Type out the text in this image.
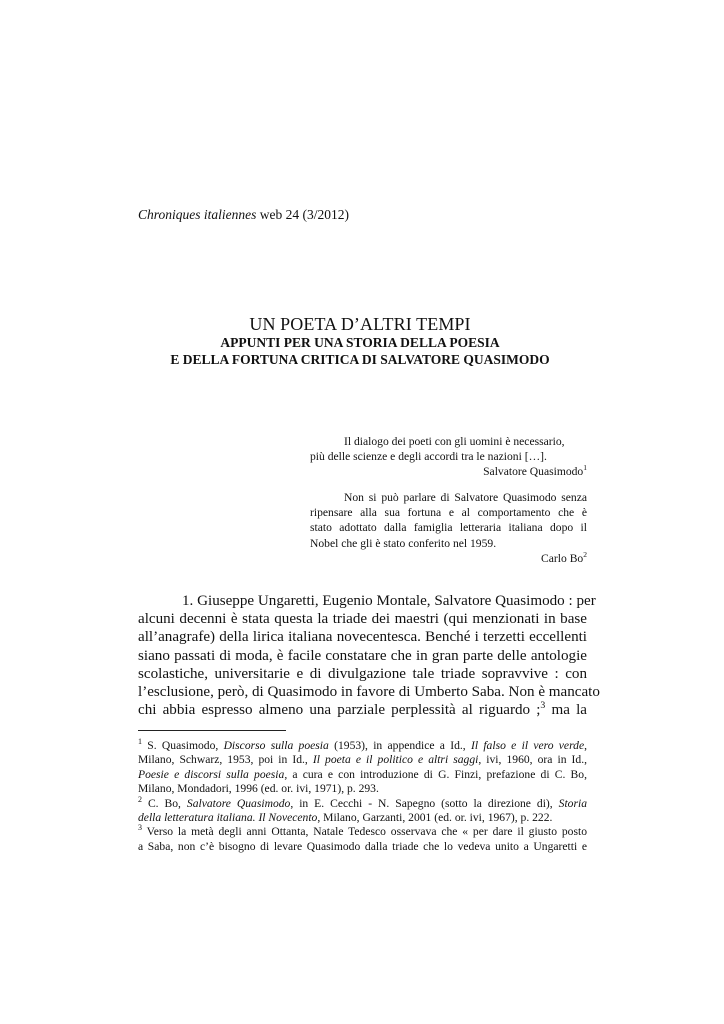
Chroniques italiennes web 24 (3/2012)
UN POETA D’ALTRI TEMPI
APPUNTI PER UNA STORIA DELLA POESIA
E DELLA FORTUNA CRITICA DI SALVATORE QUASIMODO
Il dialogo dei poeti con gli uomini è necessario,
più delle scienze e degli accordi tra le nazioni […].
Salvatore Quasimodo$^1$
Non si può parlare di Salvatore Quasimodo senza
ripensare alla sua fortuna e al comportamento che è
stato adottato dalla famiglia letteraria italiana dopo il
Nobel che gli è stato conferito nel 1959.
Carlo Bo$^2$
1. Giuseppe Ungaretti, Eugenio Montale, Salvatore Quasimodo : per
alcuni decenni è stata questa la triade dei maestri (qui menzionati in base
all’anagrafe) della lirica italiana novecentesca. Benché i terzetti eccellenti
siano passati di moda, è facile constatare che in gran parte delle antologie
scolastiche, universitarie e di divulgazione tale triade sopravvive : con
l’esclusione, però, di Quasimodo in favore di Umberto Saba. Non è mancato
chi abbia espresso almeno una parziale perplessità al riguardo ;$^3$ ma la
$^1$ S. Quasimodo, Discorso sulla poesia (1953), in appendice a Id., Il falso e il vero verde,
Milano, Schwarz, 1953, poi in Id., Il poeta e il politico e altri saggi, ivi, 1960, ora in Id.,
Poesie e discorsi sulla poesia, a cura e con introduzione di G. Finzi, prefazione di C. Bo,
Milano, Mondadori, 1996 (ed. or. ivi, 1971), p. 293.
$^2$ C. Bo, Salvatore Quasimodo, in E. Cecchi - N. Sapegno (sotto la direzione di), Storia
della letteratura italiana. Il Novecento, Milano, Garzanti, 2001 (ed. or. ivi, 1967), p. 222.
$^3$ Verso la metà degli anni Ottanta, Natale Tedesco osservava che « per dare il giusto posto
a Saba, non c’è bisogno di levare Quasimodo dalla triade che lo vedeva unito a Ungaretti e
